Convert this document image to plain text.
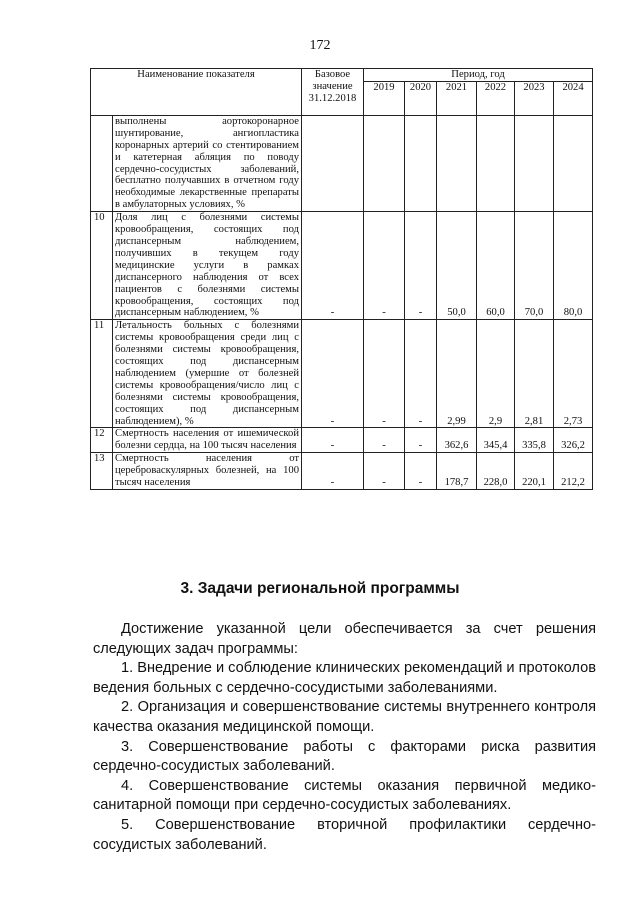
172
Наименование показателя		Базовое значение 31.12.2018	Период, год					
			2019	2020	2021	2022	2023	2024
	выполнены аортокоронарное шунтирование, ангиопластика коронарных артерий со стентированием и катетерная абляция по поводу сердечно-сосудистых заболеваний, бесплатно получавших в отчетном году необходимые лекарственные препараты в амбулаторных условиях, %							
10	Доля лиц с болезнями системы кровообращения, состоящих под диспансерным наблюдением, получивших в текущем году медицинские услуги в рамках диспансерного наблюдения от всех пациентов с болезнями системы кровообращения, состоящих под диспансерным наблюдением, %	-	-	-	50,0	60,0	70,0	80,0
11	Летальность больных с болезнями системы кровообращения среди лиц с болезнями системы кровообращения, состоящих под диспансерным наблюдением (умершие от болезней системы кровообращения/число лиц с болезнями системы кровообращения, состоящих под диспансерным наблюдением), %	-	-	-	2,99	2,9	2,81	2,73
12	Смертность населения от ишемической болезни сердца, на 100 тысяч населения	-	-	-	362,6	345,4	335,8	326,2
13	Смертность населения от цереброваскулярных болезней, на 100 тысяч населения	-	-	-	178,7	228,0	220,1	212,2
3. Задачи региональной программы

Достижение указанной цели обеспечивается за счет решения следующих задач программы:

1. Внедрение и соблюдение клинических рекомендаций и протоколов ведения больных с сердечно-сосудистыми заболеваниями.

2. Организация и совершенствование системы внутреннего контроля качества оказания медицинской помощи.

3. Совершенствование работы с факторами риска развития сердечно-сосудистых заболеваний.

4. Совершенствование системы оказания первичной медико-санитарной помощи при сердечно-сосудистых заболеваниях.

5. Совершенствование вторичной профилактики сердечно-сосудистых заболеваний.
